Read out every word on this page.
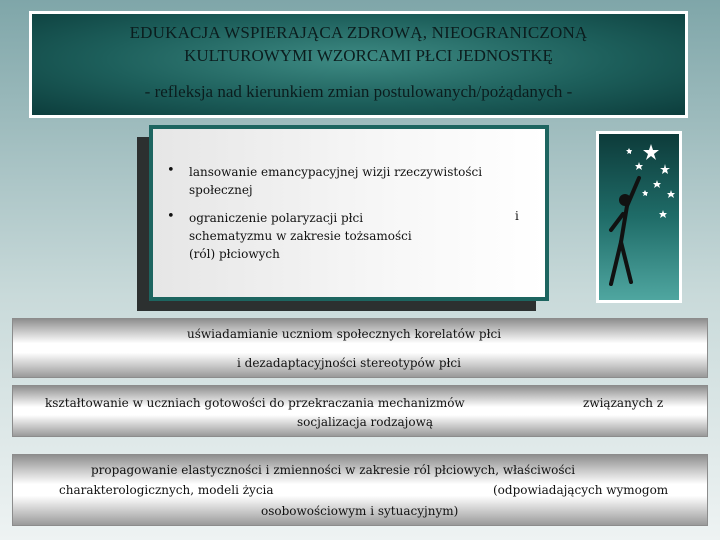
EDUKACJA WSPIERAJĄCA ZDROWĄ, NIEOGRANICZONĄ
KULTUROWYMI WZORCAMI PŁCI JEDNOSTKĘ
- refleksja nad kierunkiem zmian postulowanych/pożądanych -
• lansowanie emancypacyjnej wizji rzeczywistości społecznej
• ograniczenie polaryzacji płci schematyzmu w zakresie tożsamości (ról) płciowych
i
uświadamianie uczniom społecznych korelatów płci
i dezadaptacyjności stereotypów płci
kształtowanie w uczniach gotowości do przekraczania mechanizmów	związanych z
socjalizacja rodzajową
propagowanie elastyczności i zmienności w zakresie ról płciowych, właściwości
charakterologicznych, modeli życia	(odpowiadających wymogom
osobowościowym i sytuacyjnym)
